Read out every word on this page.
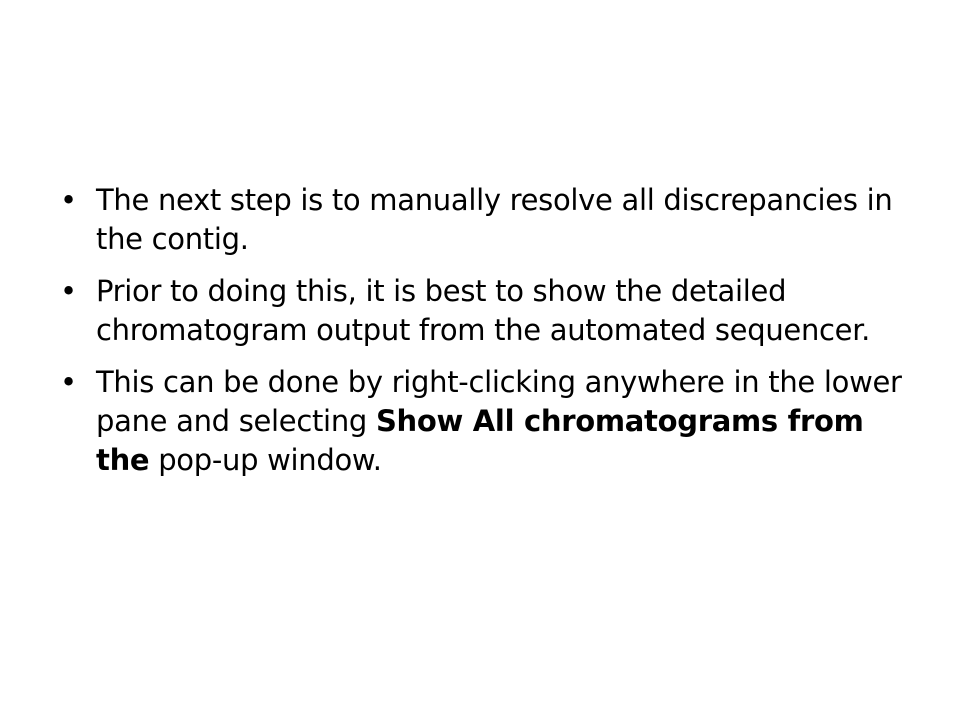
• The next step is to manually resolve all discrepancies in the contig.
• Prior to doing this, it is best to show the detailed chromatogram output from the automated sequencer.
• This can be done by right-clicking anywhere in the lower pane and selecting Show All chromatograms from the pop-up window.
